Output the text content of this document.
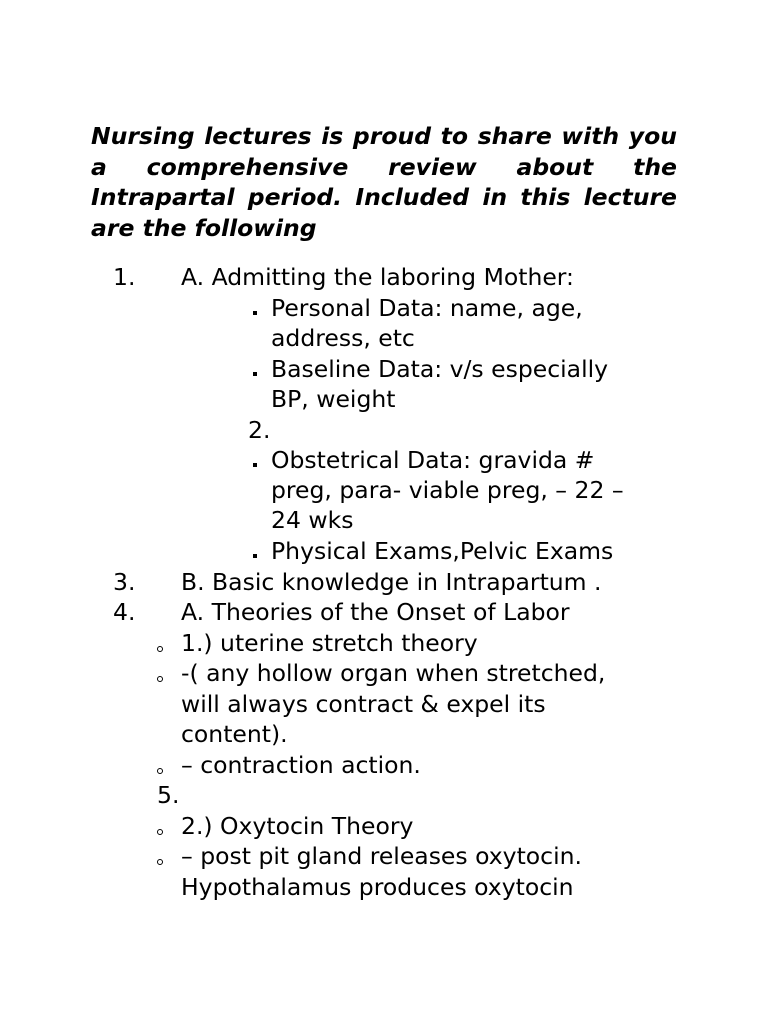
Nursing lectures is proud to share with you a comprehensive review about the Intrapartal period. Included in this lecture are the following

1. A. Admitting the laboring Mother:
Personal Data: name, age,
address, etc
Baseline Data: v/s especially
BP, weight
2.
Obstetrical Data: gravida #
preg, para- viable preg, – 22 –
24 wks
Physical Exams,Pelvic Exams
3. B. Basic knowledge in Intrapartum .
4. A. Theories of the Onset of Labor
1.) uterine stretch theory
-( any hollow organ when stretched,
will always contract & expel its
content).
– contraction action.
5.
2.) Oxytocin Theory
– post pit gland releases oxytocin.
Hypothalamus produces oxytocin
